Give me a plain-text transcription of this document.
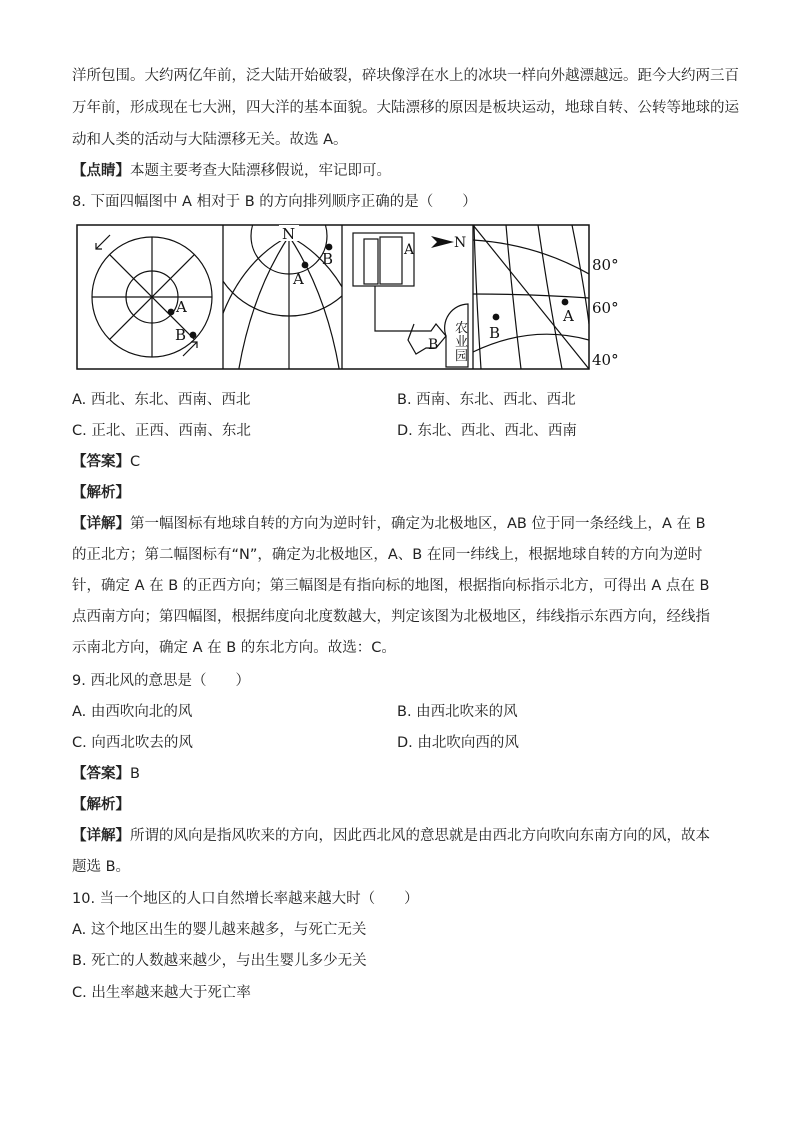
洋所包围。大约两亿年前，泛大陆开始破裂，碎块像浮在水上的冰块一样向外越漂越远。距今大约两三百
万年前，形成现在七大洲，四大洋的基本面貌。大陆漂移的原因是板块运动，地球自转、公转等地球的运
动和人类的活动与大陆漂移无关。故选 A。
【点睛】本题主要考查大陆漂移假说，牢记即可。
8. 下面四幅图中 A 相对于 B 的方向排列顺序正确的是（　　）
A
B
N
A
B
N
A
B
农
业
园
A
B
80°
60°
40°
A. 西北、东北、西南、西北	B. 西南、东北、西北、西北
C. 正北、正西、西南、东北	D. 东北、西北、西北、西南
【答案】C
【解析】
【详解】第一幅图标有地球自转的方向为逆时针，确定为北极地区，AB 位于同一条经线上，A 在 B 的正北方；第二幅图标有“N”，确定为北极地区，A、B 在同一纬线上，根据地球自转的方向为逆时针，确定 A 在 B 的正西方向；第三幅图是有指向标的地图，根据指向标指示北方，可得出 A 点在 B 点西南方向；第四幅图，根据纬度向北度数越大，判定该图为北极地区，纬线指示东西方向，经线指示南北方向，确定 A 在 B 的东北方向。故选：C。
9. 西北风的意思是（　　）
A. 由西吹向北的风	B. 由西北吹来的风
C. 向西北吹去的风	D. 由北吹向西的风
【答案】B
【解析】
【详解】所谓的风向是指风吹来的方向，因此西北风的意思就是由西北方向吹向东南方向的风，故本题选 B。
10. 当一个地区的人口自然增长率越来越大时（　　）
A. 这个地区出生的婴儿越来越多，与死亡无关
B. 死亡的人数越来越少，与出生婴儿多少无关
C. 出生率越来越大于死亡率
